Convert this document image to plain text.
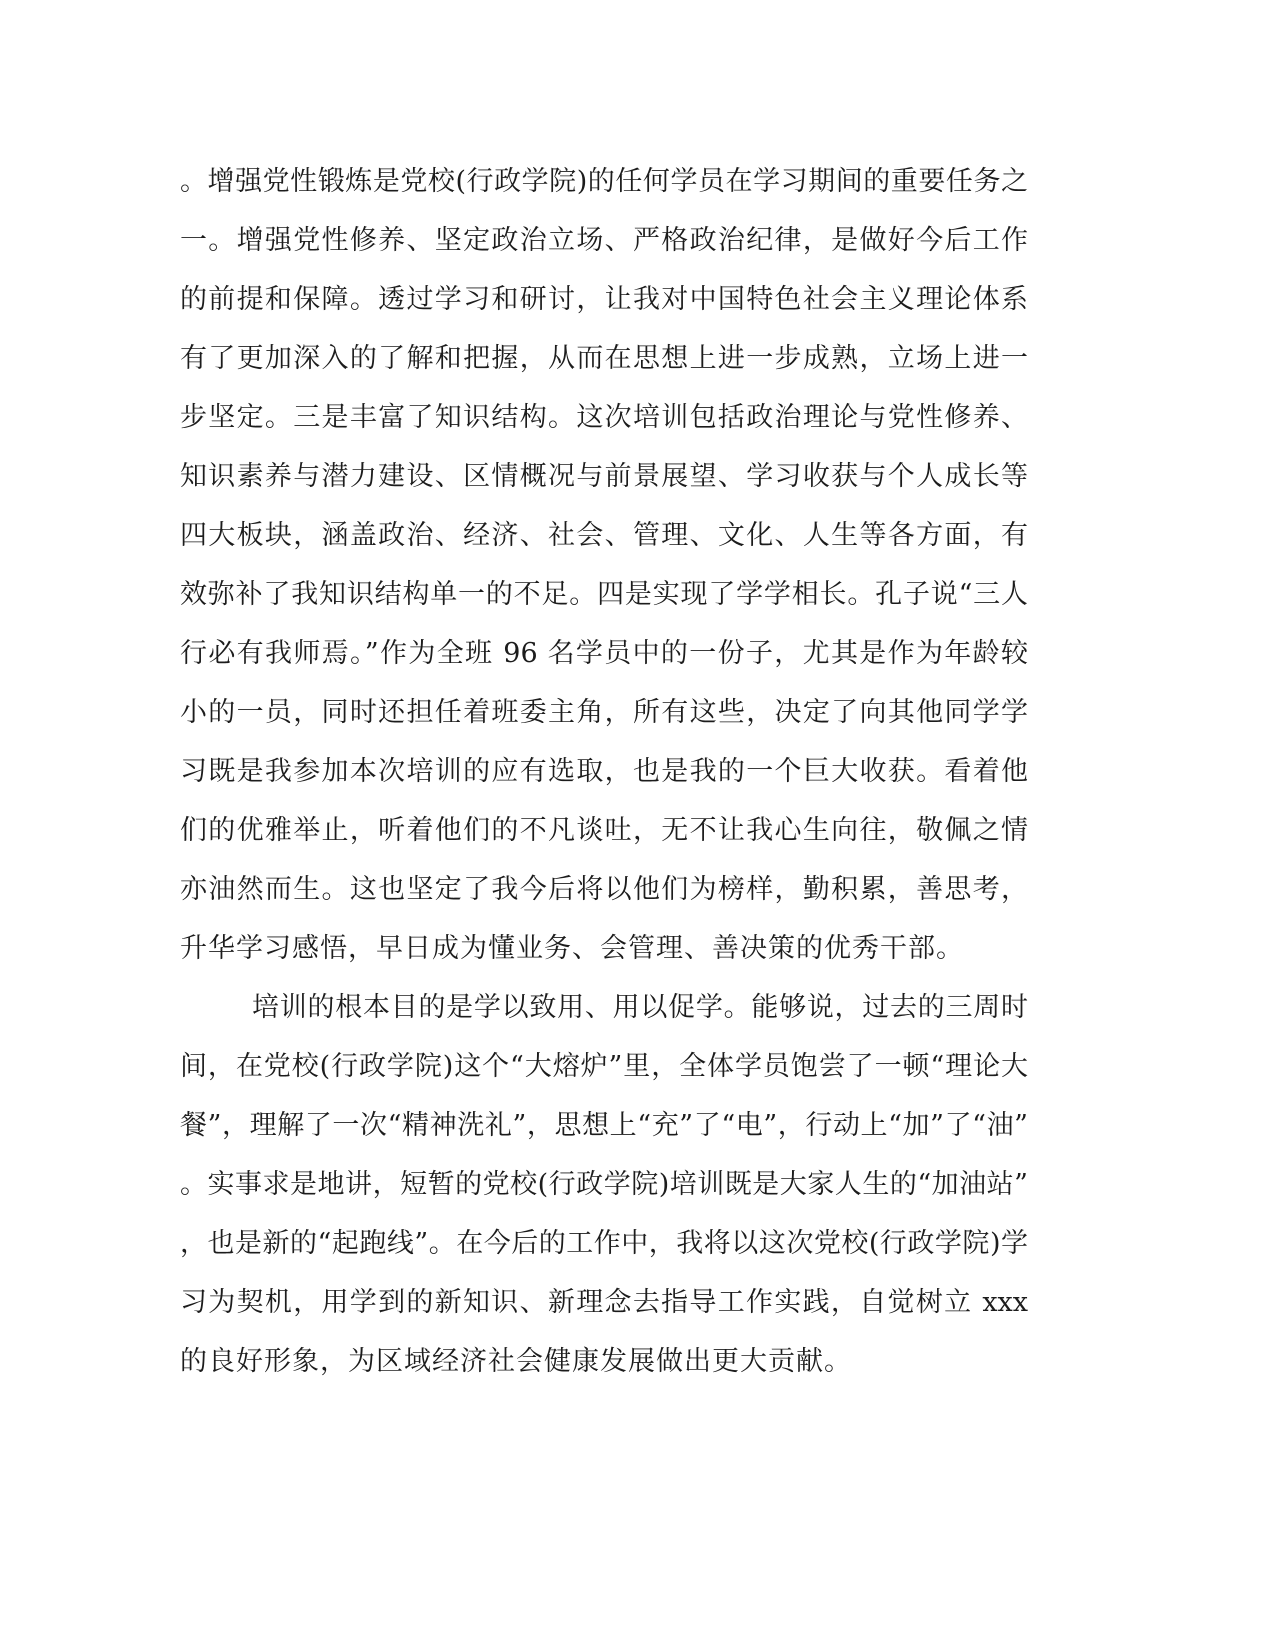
。增强党性锻炼是党校(行政学院)的任何学员在学习期间的重要任务之
一。增强党性修养、坚定政治立场、严格政治纪律，是做好今后工作
的前提和保障。透过学习和研讨，让我对中国特色社会主义理论体系
有了更加深入的了解和把握，从而在思想上进一步成熟，立场上进一
步坚定。三是丰富了知识结构。这次培训包括政治理论与党性修养、
知识素养与潜力建设、区情概况与前景展望、学习收获与个人成长等
四大板块，涵盖政治、经济、社会、管理、文化、人生等各方面，有
效弥补了我知识结构单一的不足。四是实现了学学相长。孔子说“三人
行必有我师焉。”作为全班 96 名学员中的一份子，尤其是作为年龄较
小的一员，同时还担任着班委主角，所有这些，决定了向其他同学学
习既是我参加本次培训的应有选取，也是我的一个巨大收获。看着他
们的优雅举止，听着他们的不凡谈吐，无不让我心生向往，敬佩之情
亦油然而生。这也坚定了我今后将以他们为榜样，勤积累，善思考，
升华学习感悟，早日成为懂业务、会管理、善决策的优秀干部。
培训的根本目的是学以致用、用以促学。能够说，过去的三周时
间，在党校(行政学院)这个“大熔炉”里，全体学员饱尝了一顿“理论大
餐”，理解了一次“精神洗礼”，思想上“充”了“电”，行动上“加”了“油”
。实事求是地讲，短暂的党校(行政学院)培训既是大家人生的“加油站”
，也是新的“起跑线”。在今后的工作中，我将以这次党校(行政学院)学
习为契机，用学到的新知识、新理念去指导工作实践，自觉树立 xxx
的良好形象，为区域经济社会健康发展做出更大贡献。
